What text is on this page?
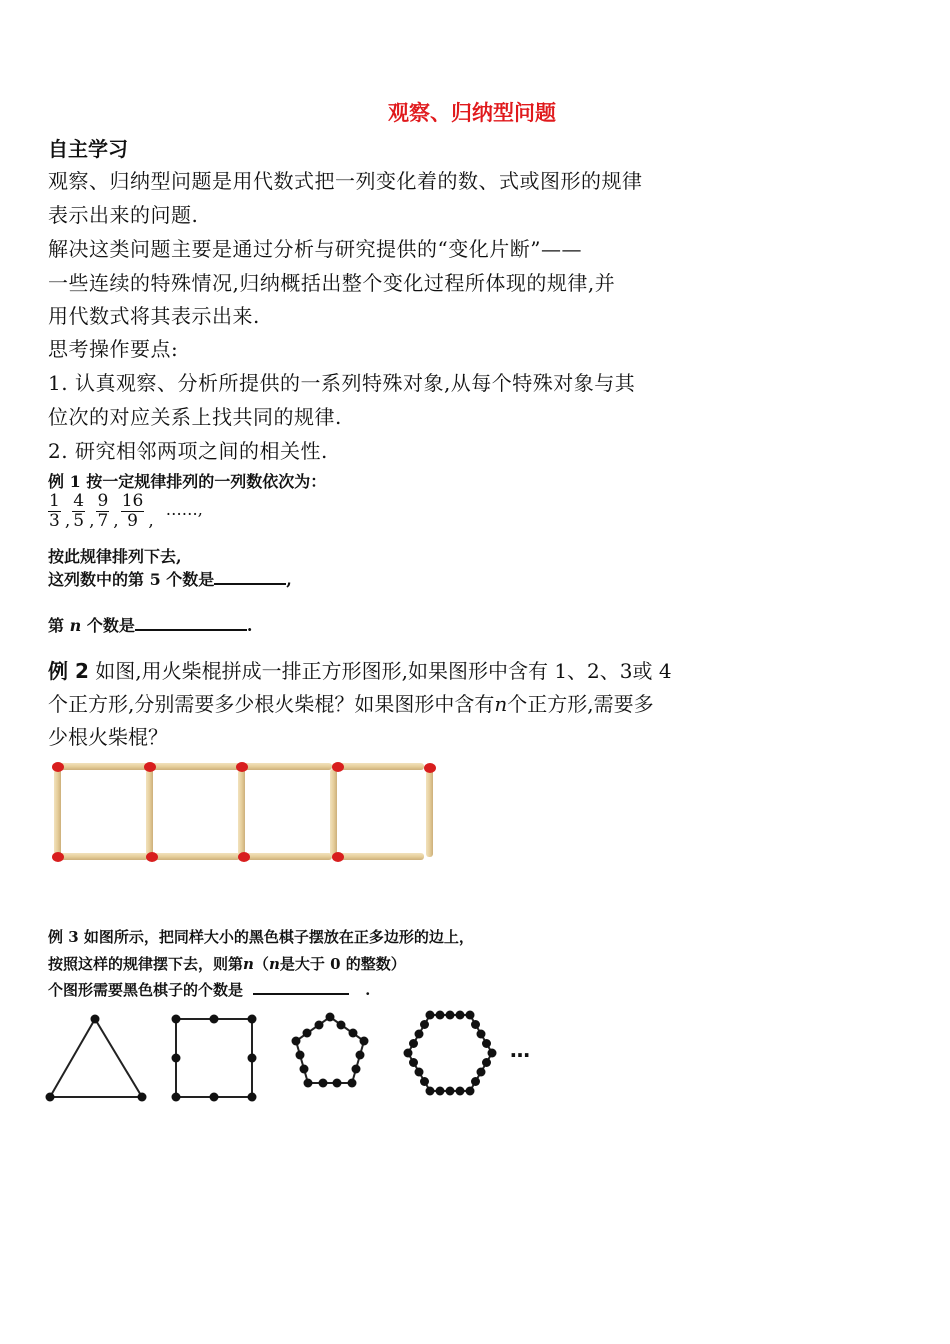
观察、归纳型问题
自主学习
观察、归纳型问题是用代数式把一列变化着的数、式或图形的规律
表示出来的问题.
解决这类问题主要是通过分析与研究提供的“变化片断”——
一些连续的特殊情况,归纳概括出整个变化过程所体现的规律,并
用代数式将其表示出来.
思考操作要点:
1. 认真观察、分析所提供的一系列特殊对象,从每个特殊对象与其
位次的对应关系上找共同的规律.
2. 研究相邻两项之间的相关性.
例 1 按一定规律排列的一列数依次为：
$\frac{1}{3}$ , $\frac{4}{5}$ , $\frac{9}{7}$ , $\frac{16}{9}$ ,
……,
按此规律排列下去,
这列数中的第 5 个数是	,
第 n 个数是	.
例 2 如图,用火柴棍拼成一排正方形图形,如果图形中含有 1、2、3或 4
个正方形,分别需要多少根火柴棍？如果图形中含有n个正方形,需要多
少根火柴棍？
例 3 如图所示，把同样大小的黑色棋子摆放在正多边形的边上，
按照这样的规律摆下去，则第n（n是大于 0 的整数）
个图形需要黑色棋子的个数是	.
…
